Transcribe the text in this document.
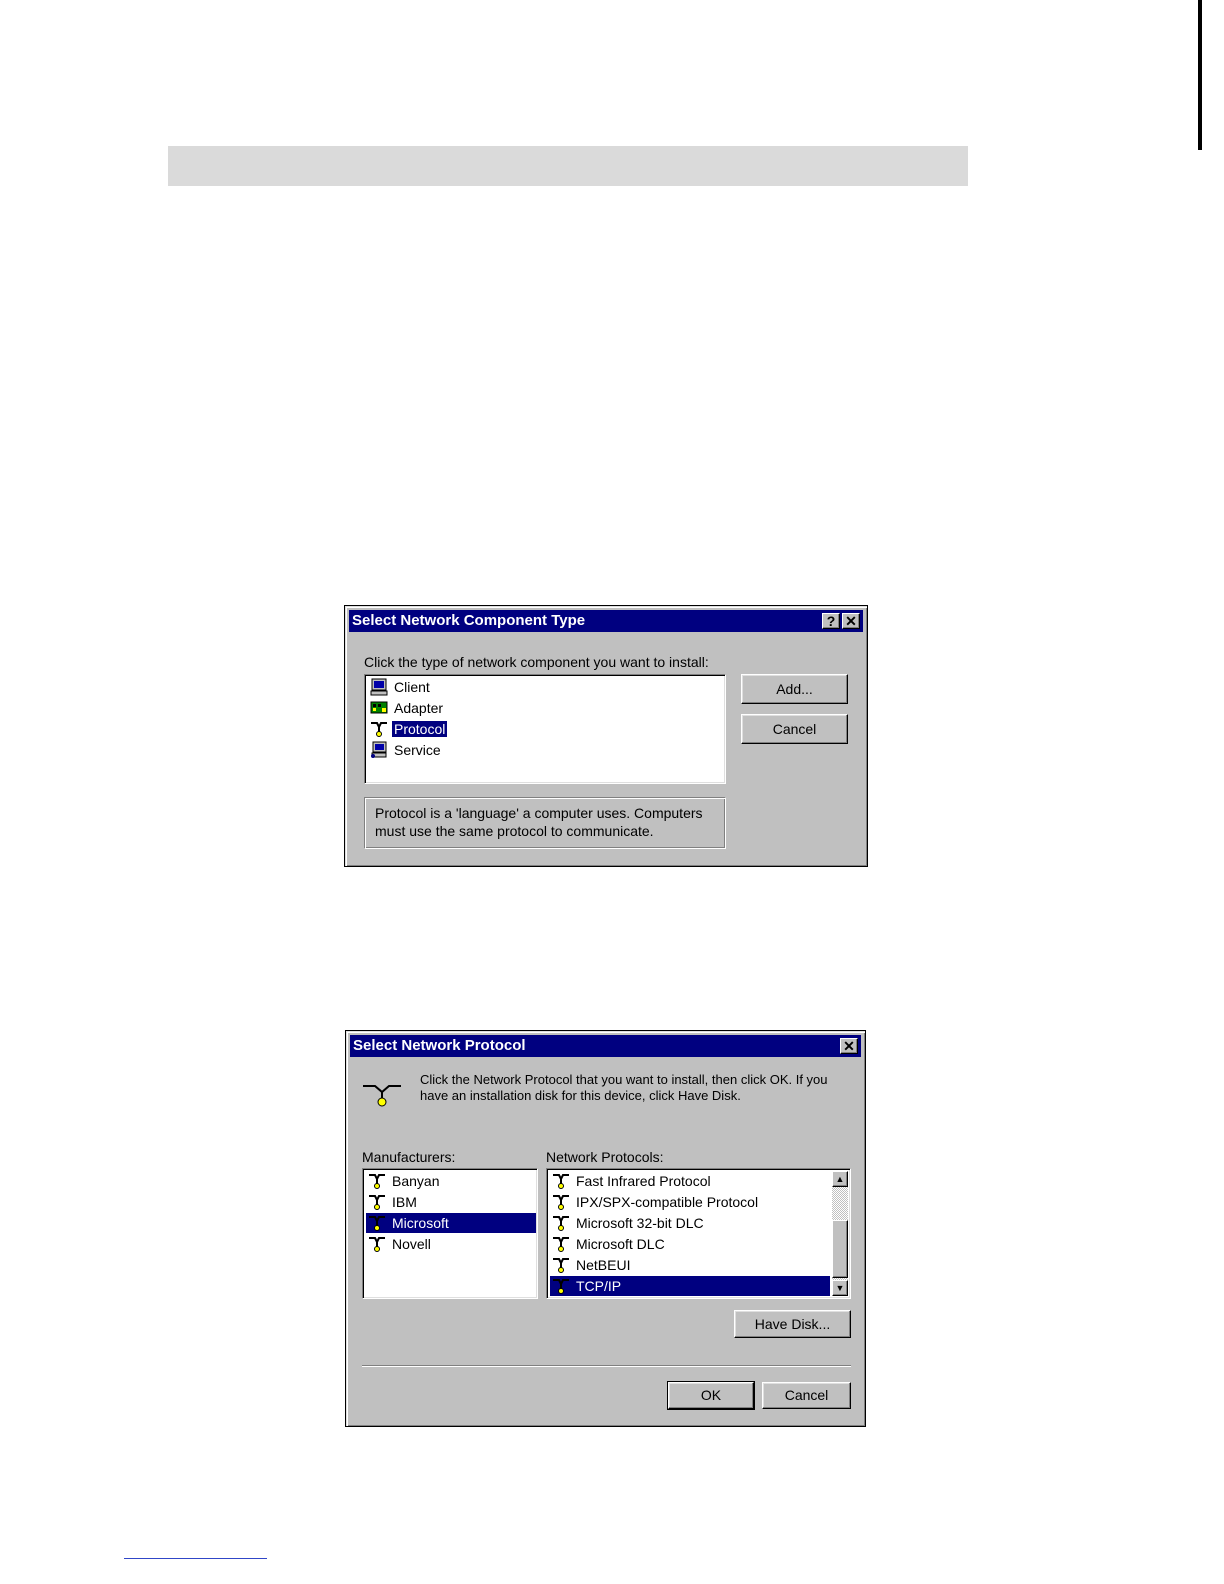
Select Network Component Type	? ✕
Click the type of network component you want to install:
Client
Adapter
Protocol
Service
Add...
Cancel
Protocol is a 'language' a computer uses. Computers must use the same protocol to communicate.
Select Network Protocol	✕
Click the Network Protocol that you want to install, then click OK. If you have an installation disk for this device, click Have Disk.
Manufacturers:	Network Protocols:
Banyan
IBM
Microsoft
Novell
Fast Infrared Protocol
IPX/SPX-compatible Protocol
Microsoft 32-bit DLC
Microsoft DLC
NetBEUI
TCP/IP
▲
▼
Have Disk...
OK	Cancel
